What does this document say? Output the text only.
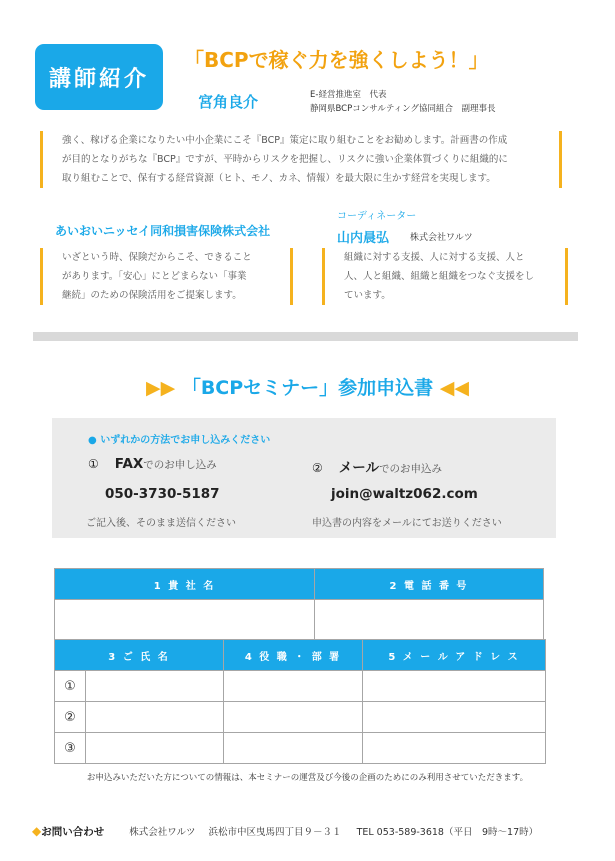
講師紹介
「BCPで稼ぐ力を強くしよう！」
宮角良介	E-経営推進室　代表
静岡県BCPコンサルティング協同組合　副理事長
強く、稼げる企業になりたい中小企業にこそ『BCP』策定に取り組むことをお勧めします。計画書の作成
が目的となりがちな『BCP』ですが、平時からリスクを把握し、リスクに強い企業体質づくりに組織的に
取り組むことで、保有する経営資源（ヒト、モノ、カネ、情報）を最大限に生かす経営を実現します。
あいおいニッセイ同和損害保険株式会社
コーディネーター
山内晨弘 株式会社ワルツ
いざという時、保険だからこそ、できること
があります。「安心」にとどまらない「事業
継続」のための保険活用をご提案します。
組織に対する支援、人に対する支援、人と
人、人と組織、組織と組織をつなぐ支援をし
ています。
▶▶ 「BCPセミナー」参加申込書 ◀◀
● いずれかの方法でお申し込みください
① FAXでのお申し込み
050-3730-5187
ご記入後、そのまま送信ください
② メールでのお申込み
join@waltz062.com
申込書の内容をメールにてお送りください
1 貴 社 名	2 電 話 番 号

3 ご 氏 名		4 役 職 ・ 部 署	5 メ ー ル ア ド レ ス
①			
②			
③			
お申込みいただいた方についての情報は、本セミナーの運営及び今後の企画のためにのみ利用させていただきます。
◆お問い合わせ	株式会社ワルツ 浜松市中区曳馬四丁目９－３１ TEL 053-589-3618（平日　9時〜17時）
